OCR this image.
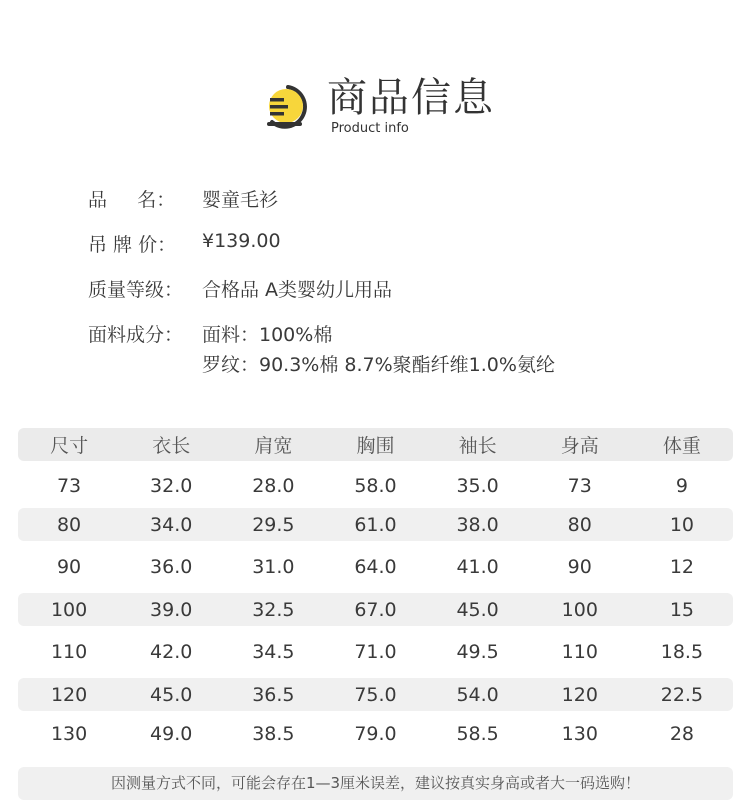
商品信息
Product info
品     名：	婴童毛衫
吊 牌 价：	¥139.00
质量等级： 合格品 A类婴幼儿用品
面料成分： 面料：100%棉
罗纹：90.3%棉 8.7%聚酯纤维1.0%氨纶
尺寸	衣长	肩宽	胸围	袖长	身高	体重
73	32.0	28.0	58.0	35.0	73	9
80	34.0	29.5	61.0	38.0	80	10
90	36.0	31.0	64.0	41.0	90	12
100	39.0	32.5	67.0	45.0	100	15
110	42.0	34.5	71.0	49.5	110	18.5
120	45.0	36.5	75.0	54.0	120	22.5
130	49.0	38.5	79.0	58.5	130	28
因测量方式不同，可能会存在1—3厘米误差，建议按真实身高或者大一码选购！
